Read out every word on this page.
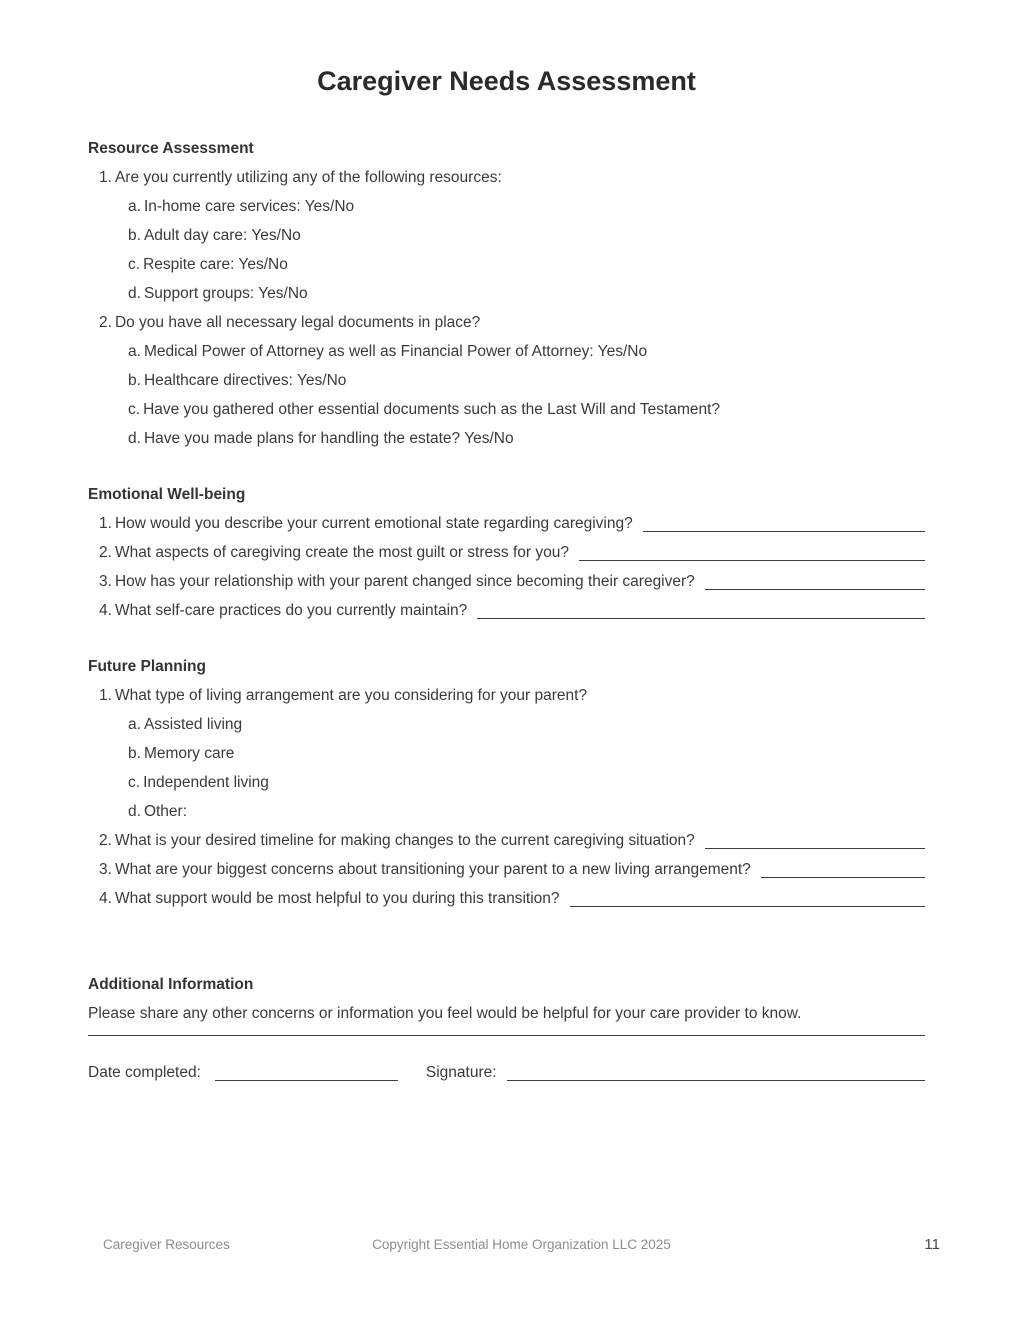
Caregiver Needs Assessment
Resource Assessment
1. Are you currently utilizing any of the following resources:
a. In-home care services: Yes/No
b. Adult day care: Yes/No
c. Respite care: Yes/No
d. Support groups: Yes/No
2. Do you have all necessary legal documents in place?
a. Medical Power of Attorney as well as Financial Power of Attorney: Yes/No
b. Healthcare directives: Yes/No
c. Have you gathered other essential documents such as the Last Will and Testament?
d. Have you made plans for handling the estate? Yes/No
Emotional Well-being
1. How would you describe your current emotional state regarding caregiving?
2. What aspects of caregiving create the most guilt or stress for you?
3. How has your relationship with your parent changed since becoming their caregiver?
4. What self-care practices do you currently maintain?
Future Planning
1. What type of living arrangement are you considering for your parent?
a. Assisted living
b. Memory care
c. Independent living
d. Other:
2. What is your desired timeline for making changes to the current caregiving situation?
3. What are your biggest concerns about transitioning your parent to a new living arrangement?
4. What support would be most helpful to you during this transition?
Additional Information
Please share any other concerns or information you feel would be helpful for your care provider to know.
Date completed:	Signature:
Copyright Essential Home Organization LLC 2025
Caregiver Resources	11
